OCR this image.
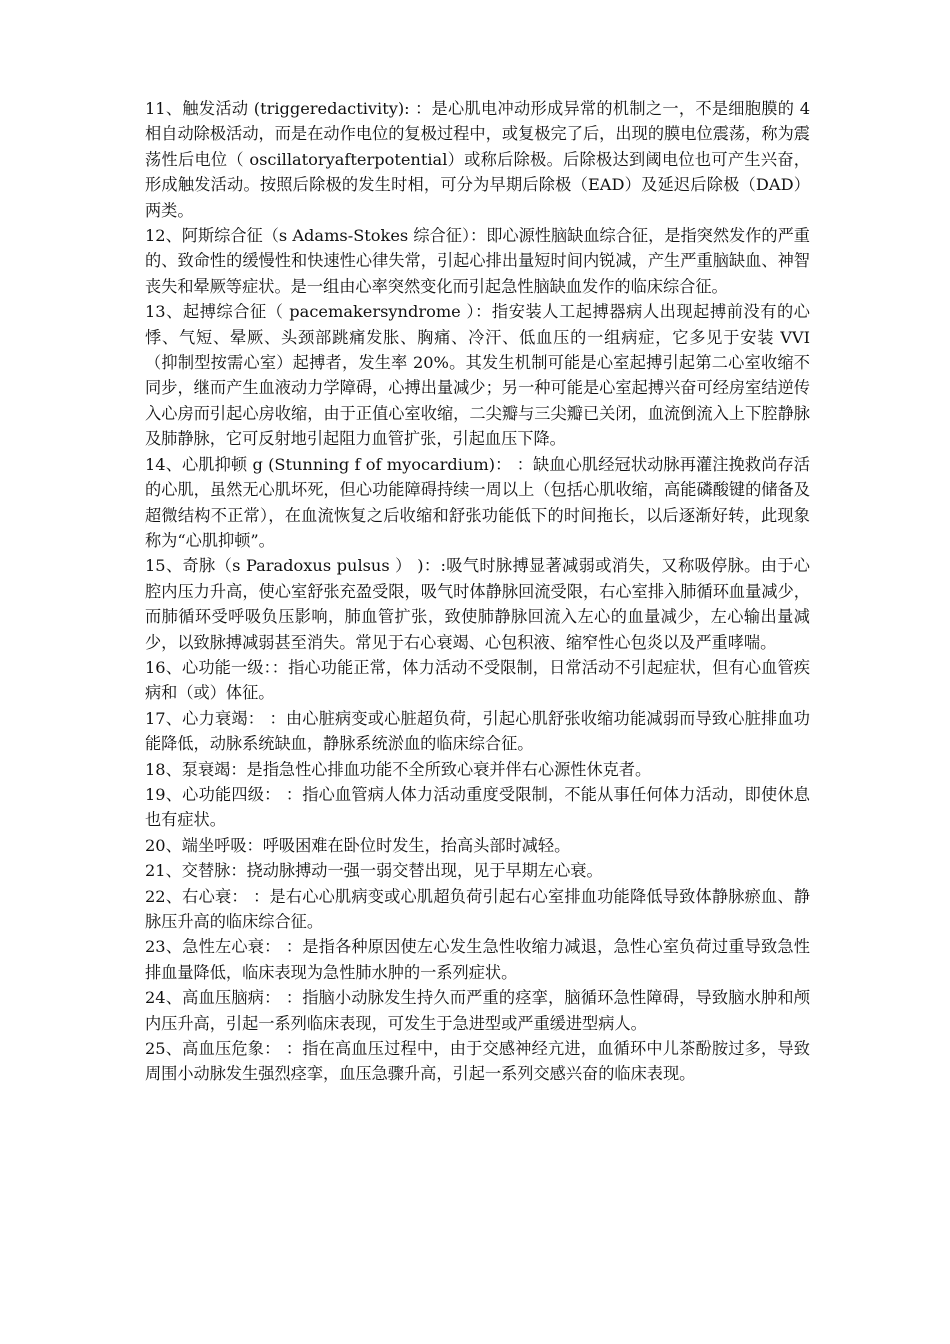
11、触发活动 (triggeredactivity): ：是心肌电冲动形成异常的机制之一，不是细胞膜的 4 相自动除极活动，而是在动作电位的复极过程中，或复极完了后，出现的膜电位震荡，称为震荡性后电位（ oscillatoryafterpotential）或称后除极。后除极达到阈电位也可产生兴奋，形成触发活动。按照后除极的发生时相，可分为早期后除极（EAD）及延迟后除极（DAD）两类。

12、阿斯综合征（s Adams-Stokes 综合征）：即心源性脑缺血综合征，是指突然发作的严重的、致命性的缓慢性和快速性心律失常，引起心排出量短时间内锐减，产生严重脑缺血、神智丧失和晕厥等症状。是一组由心率突然变化而引起急性脑缺血发作的临床综合征。

13、起搏综合征（ pacemakersyndrome ）：指安装人工起搏器病人出现起搏前没有的心悸、气短、晕厥、头颈部跳痛发胀、胸痛、冷汗、低血压的一组病症，它多见于安装 VVI（抑制型按需心室）起搏者，发生率 20%。其发生机制可能是心室起搏引起第二心室收缩不同步，继而产生血液动力学障碍，心搏出量减少；另一种可能是心室起搏兴奋可经房室结逆传入心房而引起心房收缩，由于正值心室收缩，二尖瓣与三尖瓣已关闭，血流倒流入上下腔静脉及肺静脉，它可反射地引起阻力血管扩张，引起血压下降。

14、心肌抑顿 g (Stunning f of myocardium)： ：缺血心肌经冠状动脉再灌注挽救尚存活的心肌，虽然无心肌坏死，但心功能障碍持续一周以上（包括心肌收缩，高能磷酸键的储备及超微结构不正常），在血流恢复之后收缩和舒张功能低下的时间拖长，以后逐渐好转，此现象称为“心肌抑顿”。

15、奇脉（s Paradoxus pulsus ） )：:吸气时脉搏显著减弱或消失，又称吸停脉。由于心腔内压力升高，使心室舒张充盈受限，吸气时体静脉回流受限，右心室排入肺循环血量减少，而肺循环受呼吸负压影响，肺血管扩张，致使肺静脉回流入左心的血量减少，左心输出量减少，以致脉搏减弱甚至消失。常见于右心衰竭、心包积液、缩窄性心包炎以及严重哮喘。

16、心功能一级：：指心功能正常，体力活动不受限制，日常活动不引起症状，但有心血管疾病和（或）体征。

17、心力衰竭： ：由心脏病变或心脏超负荷，引起心肌舒张收缩功能减弱而导致心脏排血功能降低，动脉系统缺血，静脉系统淤血的临床综合征。

18、泵衰竭：是指急性心排血功能不全所致心衰并伴右心源性休克者。

19、心功能四级： ：指心血管病人体力活动重度受限制，不能从事任何体力活动，即使休息也有症状。

20、端坐呼吸：呼吸困难在卧位时发生，抬高头部时减轻。

21、交替脉：挠动脉搏动一强一弱交替出现，见于早期左心衰。

22、右心衰： ：是右心心肌病变或心肌超负荷引起右心室排血功能降低导致体静脉瘀血、静脉压升高的临床综合征。

23、急性左心衰： ：是指各种原因使左心发生急性收缩力减退，急性心室负荷过重导致急性排血量降低，临床表现为急性肺水肿的一系列症状。

24、高血压脑病： ：指脑小动脉发生持久而严重的痉挛，脑循环急性障碍，导致脑水肿和颅内压升高，引起一系列临床表现，可发生于急进型或严重缓进型病人。

25、高血压危象： ：指在高血压过程中，由于交感神经亢进，血循环中儿茶酚胺过多，导致周围小动脉发生强烈痉挛，血压急骤升高，引起一系列交感兴奋的临床表现。
